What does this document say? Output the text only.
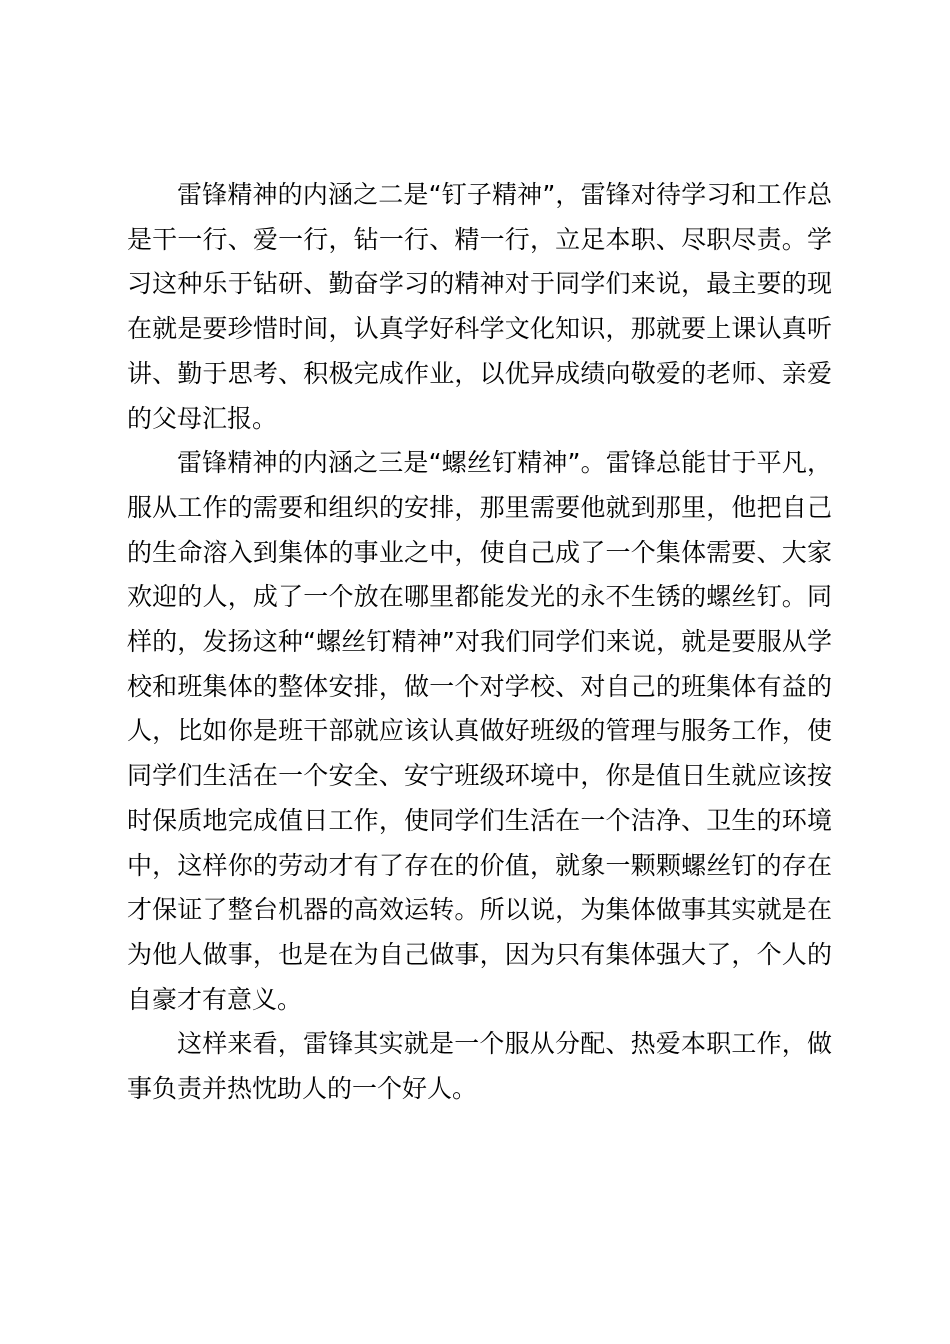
雷锋精神的内涵之二是“钉子精神”，雷锋对待学习和工作总是干一行、爱一行，钻一行、精一行，立足本职、尽职尽责。学习这种乐于钻研、勤奋学习的精神对于同学们来说，最主要的现在就是要珍惜时间，认真学好科学文化知识，那就要上课认真听讲、勤于思考、积极完成作业，以优异成绩向敬爱的老师、亲爱的父母汇报。

雷锋精神的内涵之三是“螺丝钉精神”。雷锋总能甘于平凡，服从工作的需要和组织的安排，那里需要他就到那里，他把自己的生命溶入到集体的事业之中，使自己成了一个集体需要、大家欢迎的人，成了一个放在哪里都能发光的永不生锈的螺丝钉。同样的，发扬这种“螺丝钉精神”对我们同学们来说，就是要服从学校和班集体的整体安排，做一个对学校、对自己的班集体有益的人，比如你是班干部就应该认真做好班级的管理与服务工作，使同学们生活在一个安全、安宁班级环境中，你是值日生就应该按时保质地完成值日工作，使同学们生活在一个洁净、卫生的环境中，这样你的劳动才有了存在的价值，就象一颗颗螺丝钉的存在才保证了整台机器的高效运转。所以说，为集体做事其实就是在为他人做事，也是在为自己做事，因为只有集体强大了，个人的自豪才有意义。

这样来看，雷锋其实就是一个服从分配、热爱本职工作，做事负责并热忱助人的一个好人。
